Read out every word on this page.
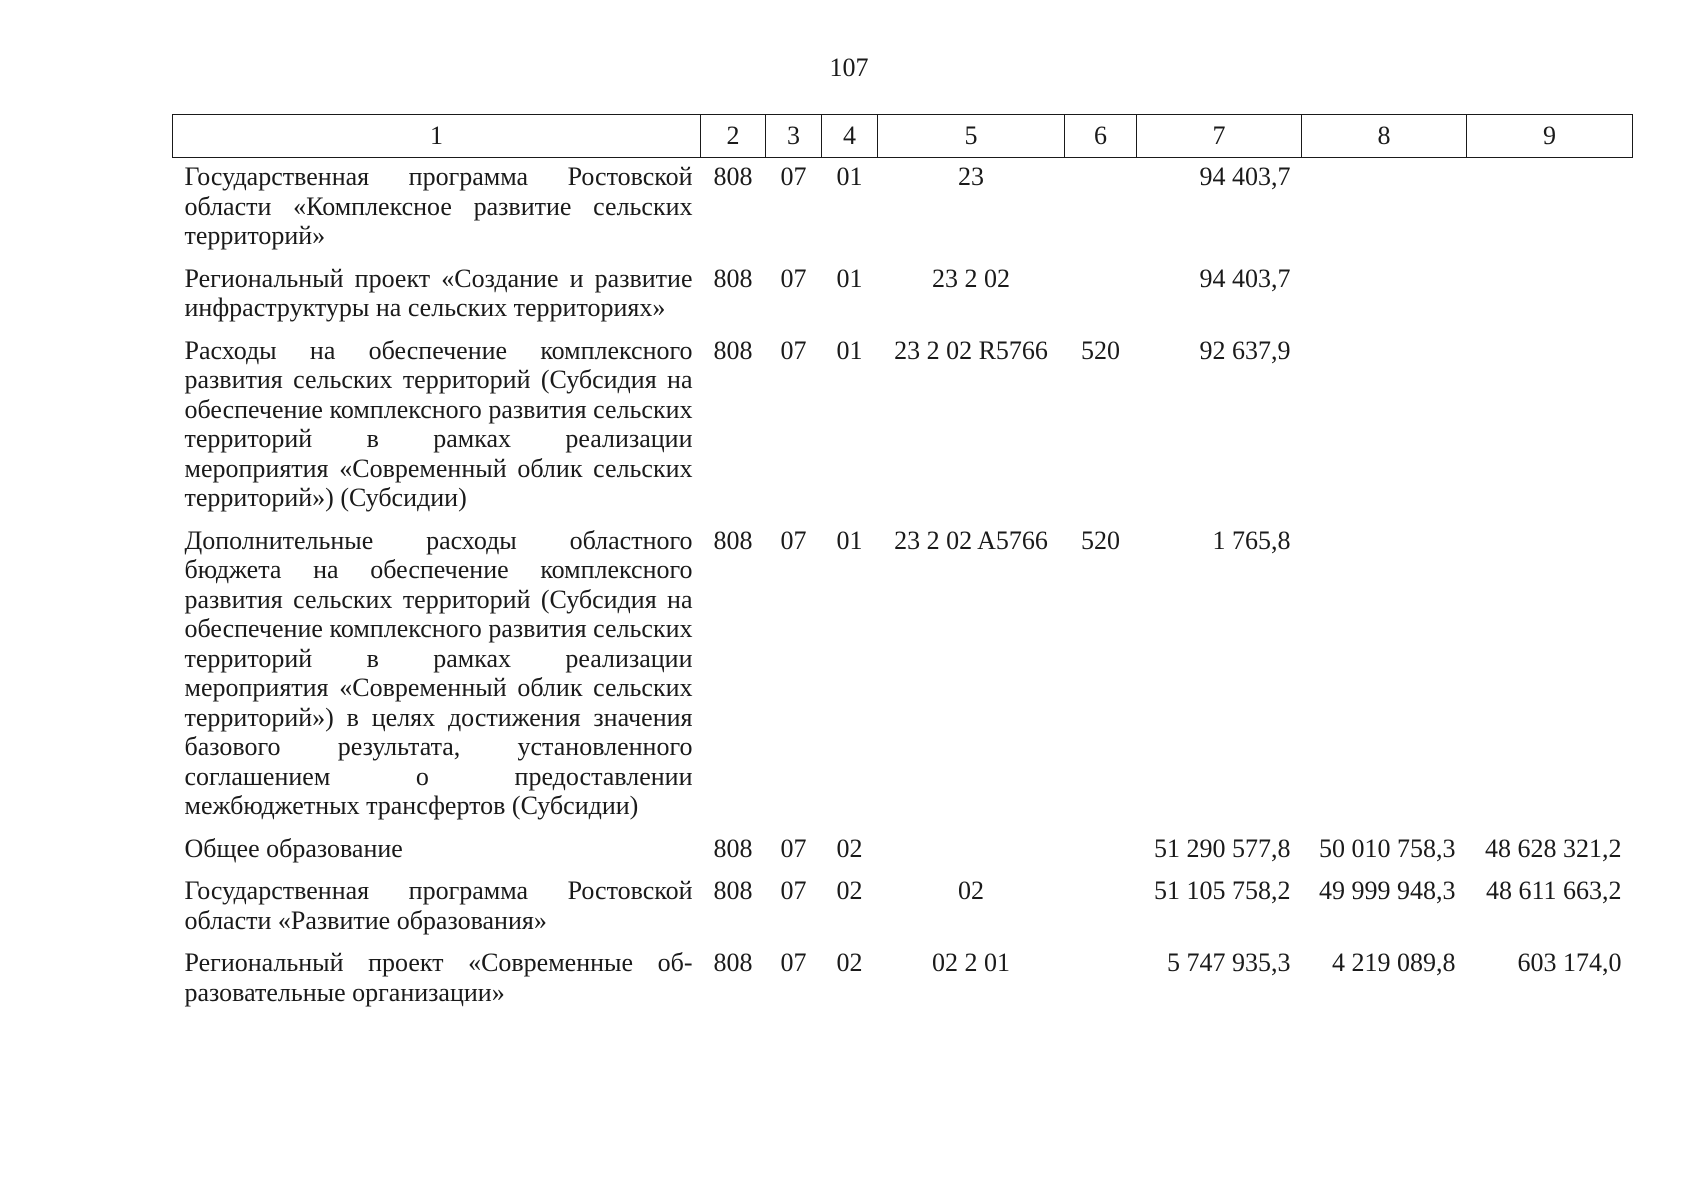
107
1	2	3	4	5	6	7	8	9
Государственная программа Ростовской области «Комплексное развитие сельских территорий»	808	07	01	23		94 403,7		
Региональный проект «Создание и развитие инфраструктуры на сельских территориях»	808	07	01	23 2 02		94 403,7		
Расходы на обеспечение комплексного развития сельских территорий (Субсидия на обеспечение комплексного развития сельских территорий в рамках реализации мероприятия «Современный облик сельских территорий») (Субсидии)	808	07	01	23 2 02 R5766	520	92 637,9		
Дополнительные расходы областного бюджета на обеспечение комплексного развития сельских территорий (Субсидия на обеспечение комплексного развития сельских территорий в рамках реализации мероприятия «Современный облик сельских территорий») в целях достижения значения базового результата, установленного соглашением о предоставлении межбюджетных трансфертов (Субсидии)	808	07	01	23 2 02 A5766	520	1 765,8		
Общее образование	808	07	02			51 290 577,8	50 010 758,3	48 628 321,2
Государственная программа Ростовской области «Развитие образования»	808	07	02	02		51 105 758,2	49 999 948,3	48 611 663,2
Региональный проект «Современные образовательные организации»	808	07	02	02 2 01		5 747 935,3	4 219 089,8	603 174,0
